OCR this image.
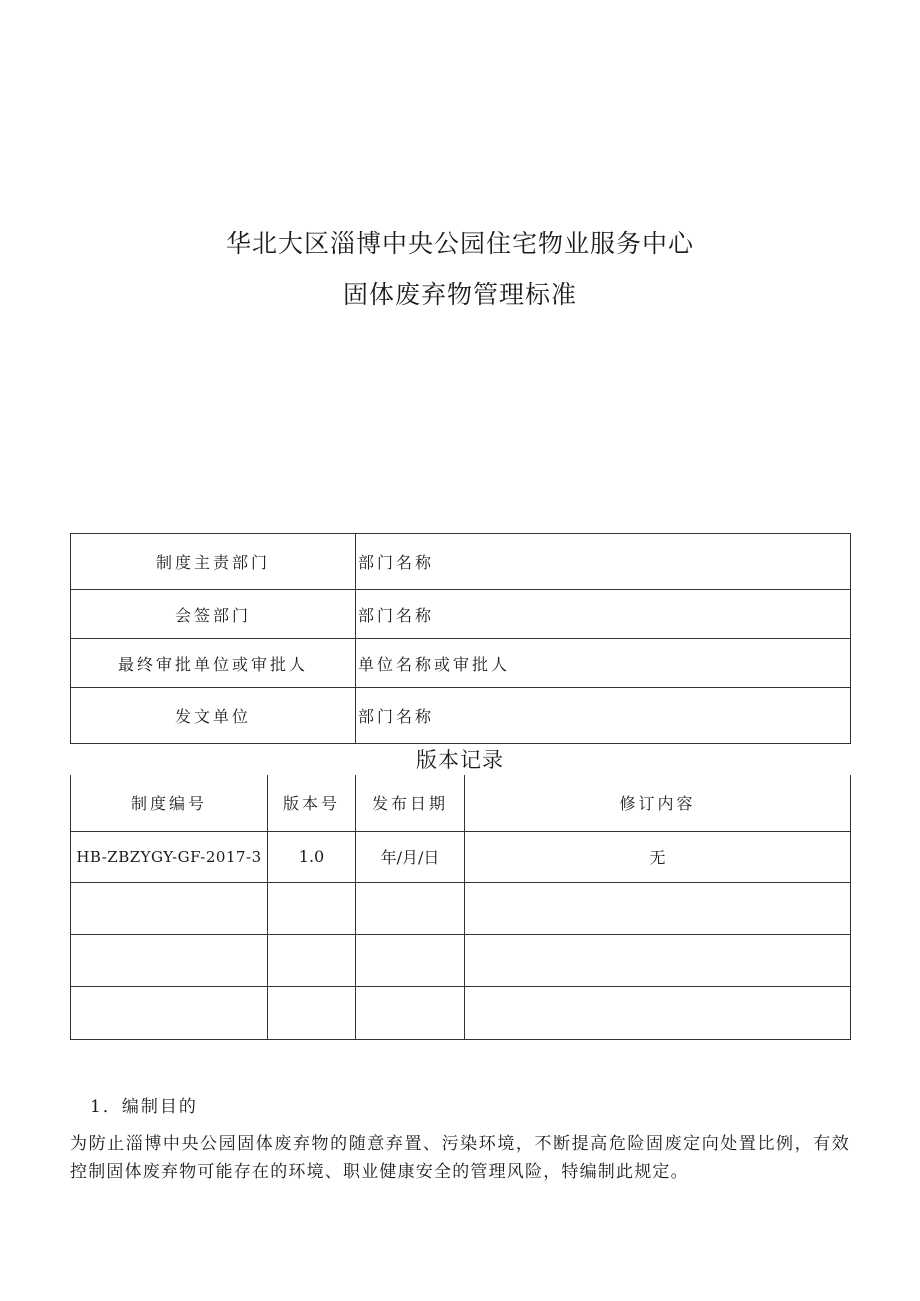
华北大区淄博中央公园住宅物业服务中心
固体废弃物管理标准
制度主责部门	部门名称
会签部门	部门名称
最终审批单位或审批人	单位名称或审批人
发文单位	部门名称
版本记录
制度编号	版本号	发布日期	修订内容
HB-ZBZYGY-GF-2017-3	1.0	年/月/日	无

1．编制目的
为防止淄博中央公园固体废弃物的随意弃置、污染环境，不断提高危险固废定向处置比例，有效控制固体废弃物可能存在的环境、职业健康安全的管理风险，特编制此规定。
